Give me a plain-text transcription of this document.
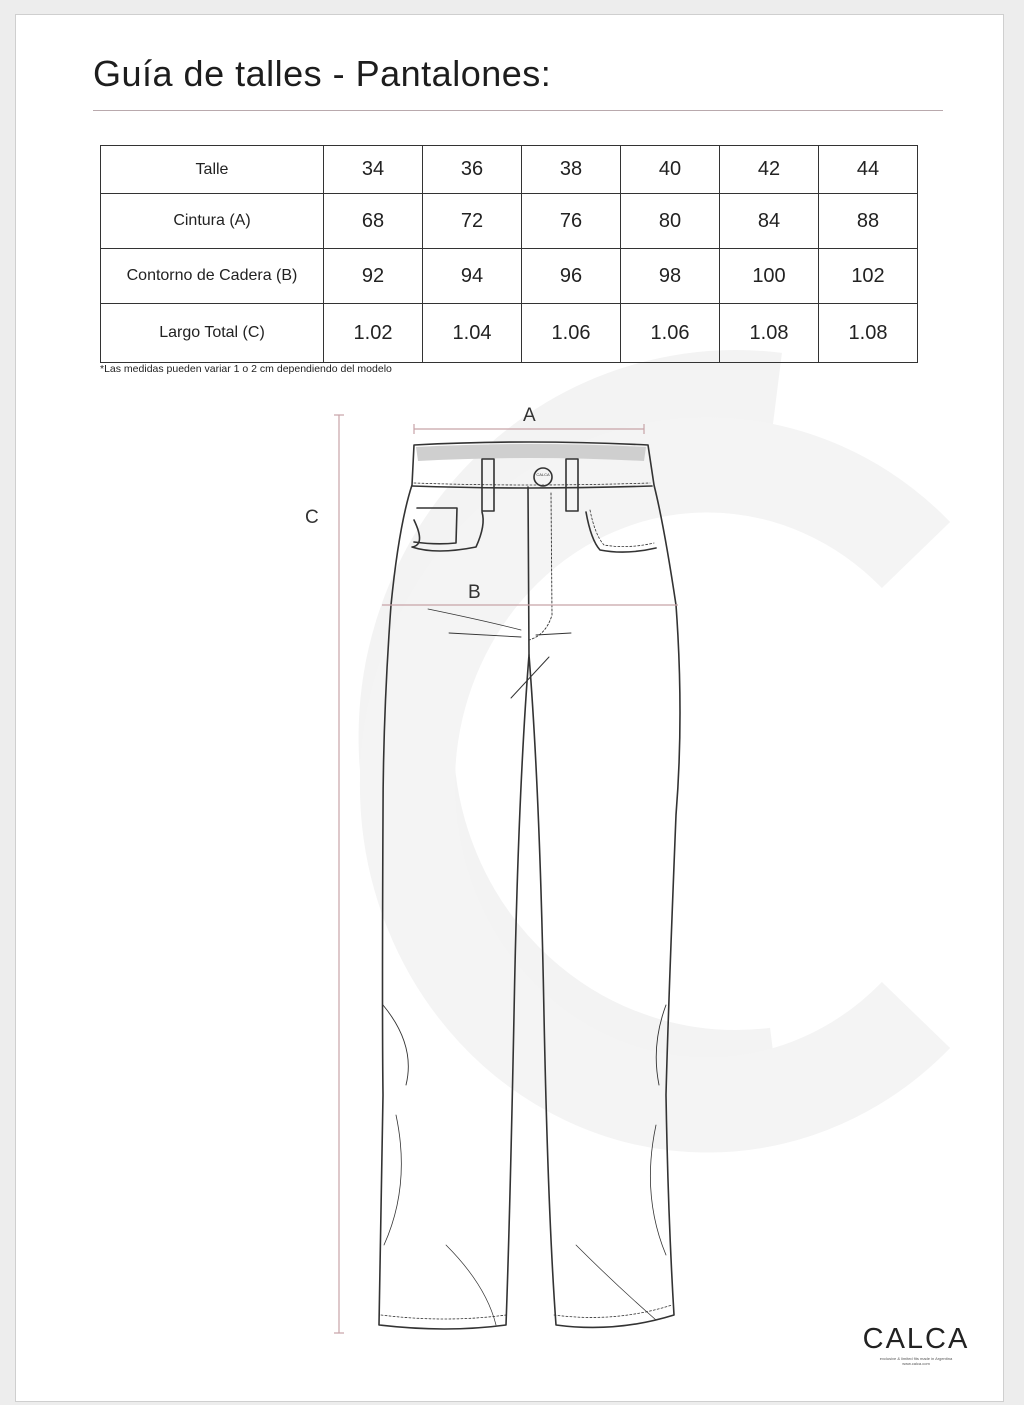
Guía de talles - Pantalones:
Talle	34	36	38	40	42	44
Cintura (A)	68	72	76	80	84	88
Contorno de Cadera (B)	92	94	96	98	100	102
Largo Total (C)	1.02	1.04	1.06	1.06	1.08	1.08
*Las medidas pueden variar 1 o 2 cm dependiendo del modelo
A
B
C
CALCA
CALCA
exclusive & limited fits made in Argentina
www.calca.com
